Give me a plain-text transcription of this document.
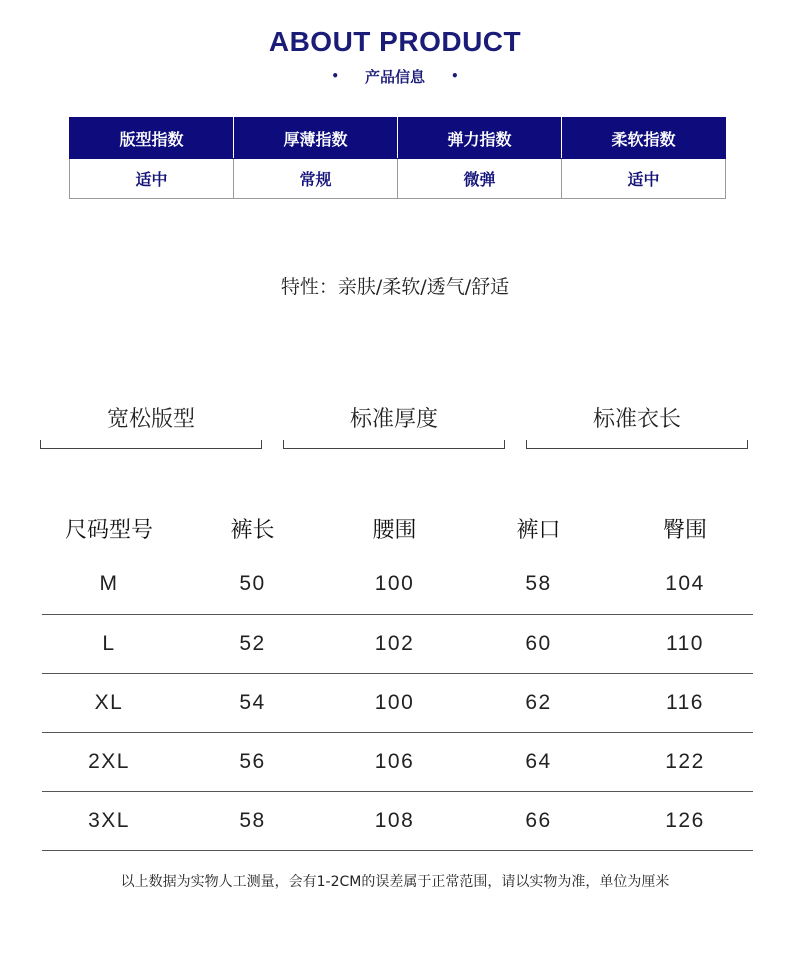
ABOUT PRODUCT
• 产品信息 •
版型指数	厚薄指数	弹力指数	柔软指数
适中	常规	微弹	适中
特性：亲肤/柔软/透气/舒适
宽松版型	标准厚度	标准衣长
尺码型号	裤长	腰围	裤口	臀围
M	50	100	58	104
L	52	102	60	110
XL	54	100	62	116
2XL	56	106	64	122
3XL	58	108	66	126
以上数据为实物人工测量，会有1-2CM的误差属于正常范围，请以实物为准，单位为厘米
